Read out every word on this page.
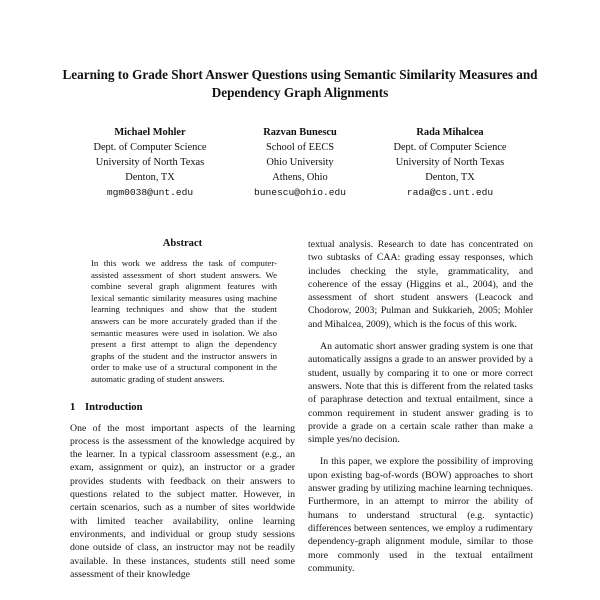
Learning to Grade Short Answer Questions using Semantic Similarity Measures and Dependency Graph Alignments
Michael Mohler
Dept. of Computer Science
University of North Texas
Denton, TX
mgm0038@unt.edu
Razvan Bunescu
School of EECS
Ohio University
Athens, Ohio
bunescu@ohio.edu
Rada Mihalcea
Dept. of Computer Science
University of North Texas
Denton, TX
rada@cs.unt.edu
Abstract

In this work we address the task of computer-assisted assessment of short student answers. We combine several graph alignment features with lexical semantic similarity measures using machine learning techniques and show that the student answers can be more accurately graded than if the semantic measures were used in isolation. We also present a first attempt to align the dependency graphs of the student and the instructor answers in order to make use of a structural component in the automatic grading of student answers.

1 Introduction

One of the most important aspects of the learning process is the assessment of the knowledge acquired by the learner. In a typical classroom assessment (e.g., an exam, assignment or quiz), an instructor or a grader provides students with feedback on their answers to questions related to the subject matter. However, in certain scenarios, such as a number of sites worldwide with limited teacher availability, online learning environments, and individual or group study sessions done outside of class, an instructor may not be readily available. In these instances, students still need some assessment of their knowledge

textual analysis. Research to date has concentrated on two subtasks of CAA: grading essay responses, which includes checking the style, grammaticality, and coherence of the essay (Higgins et al., 2004), and the assessment of short student answers (Leacock and Chodorow, 2003; Pulman and Sukkarieh, 2005; Mohler and Mihalcea, 2009), which is the focus of this work.

An automatic short answer grading system is one that automatically assigns a grade to an answer provided by a student, usually by comparing it to one or more correct answers. Note that this is different from the related tasks of paraphrase detection and textual entailment, since a common requirement in student answer grading is to provide a grade on a certain scale rather than make a simple yes/no decision.

In this paper, we explore the possibility of improving upon existing bag-of-words (BOW) approaches to short answer grading by utilizing machine learning techniques. Furthermore, in an attempt to mirror the ability of humans to understand structural (e.g. syntactic) differences between sentences, we employ a rudimentary dependency-graph alignment module, similar to those more commonly used in the textual entailment community.
